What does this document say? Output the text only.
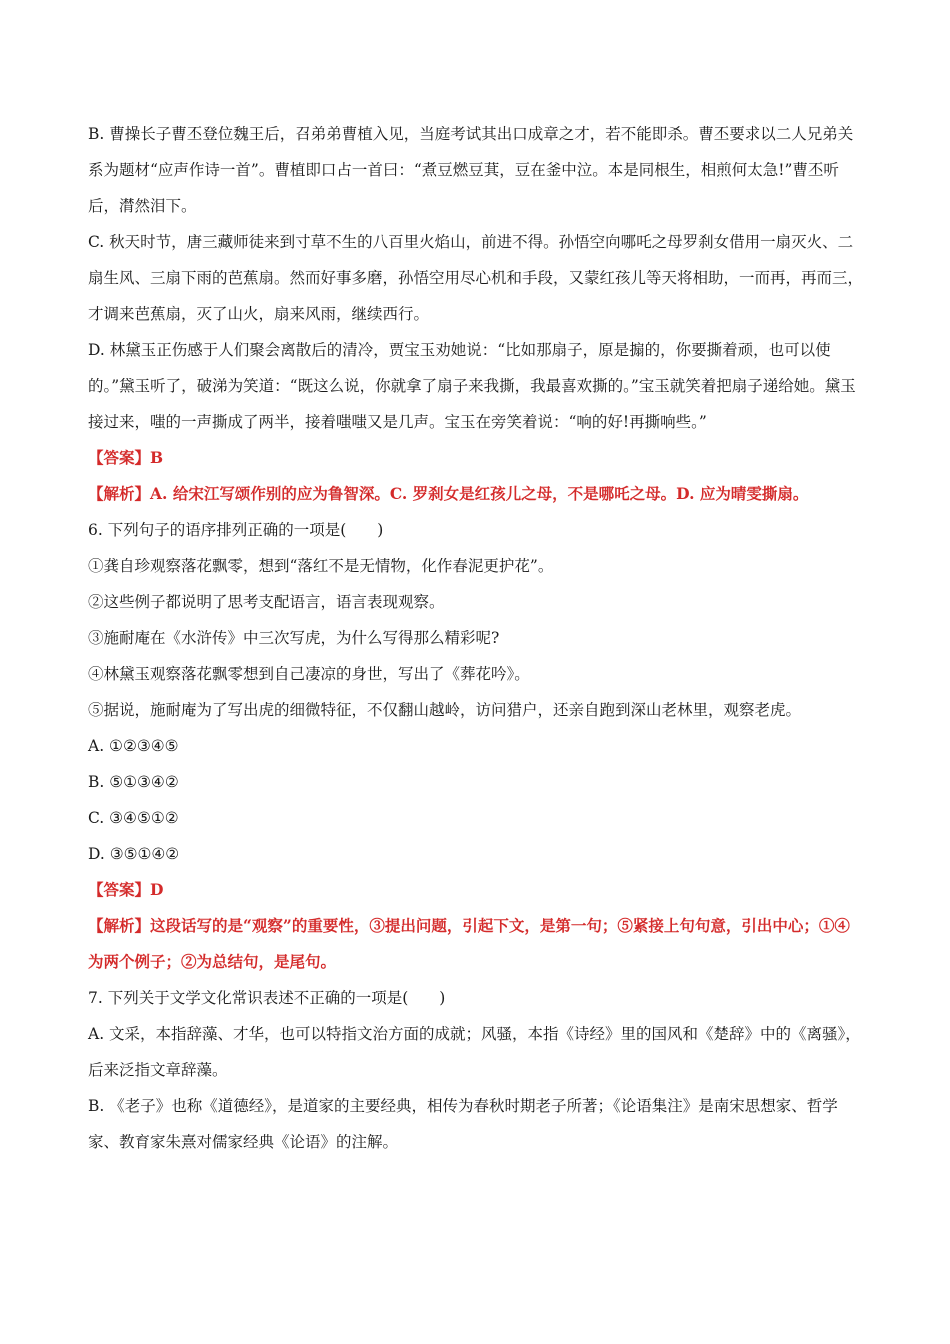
B. 曹操长子曹丕登位魏王后，召弟弟曹植入见，当庭考试其出口成章之才，若不能即杀。曹丕要求以二人兄弟关系为题材“应声作诗一首”。曹植即口占一首曰：“煮豆燃豆萁，豆在釜中泣。本是同根生，相煎何太急!”曹丕听后，潸然泪下。

C. 秋天时节，唐三藏师徒来到寸草不生的八百里火焰山，前进不得。孙悟空向哪吒之母罗刹女借用一扇灭火、二扇生风、三扇下雨的芭蕉扇。然而好事多磨，孙悟空用尽心机和手段，又蒙红孩儿等天将相助，一而再，再而三，才调来芭蕉扇，灭了山火，扇来风雨，继续西行。

D. 林黛玉正伤感于人们聚会离散后的清冷，贾宝玉劝她说：“比如那扇子，原是搧的，你要撕着顽，也可以使的。”黛玉听了，破涕为笑道：“既这么说，你就拿了扇子来我撕，我最喜欢撕的。”宝玉就笑着把扇子递给她。黛玉接过来，嗤的一声撕成了两半，接着嗤嗤又是几声。宝玉在旁笑着说：“响的好!再撕响些。”

【答案】B

【解析】A. 给宋江写颂作别的应为鲁智深。C. 罗刹女是红孩儿之母，不是哪吒之母。D. 应为晴雯撕扇。

6. 下列句子的语序排列正确的一项是(　　)

①龚自珍观察落花飘零，想到“落红不是无情物，化作春泥更护花”。

②这些例子都说明了思考支配语言，语言表现观察。

③施耐庵在《水浒传》中三次写虎，为什么写得那么精彩呢?

④林黛玉观察落花飘零想到自己凄凉的身世，写出了《葬花吟》。

⑤据说，施耐庵为了写出虎的细微特征，不仅翻山越岭，访问猎户，还亲自跑到深山老林里，观察老虎。

A. ①②③④⑤

B. ⑤①③④②

C. ③④⑤①②

D. ③⑤①④②

【答案】D

【解析】这段话写的是“观察”的重要性，③提出问题，引起下文，是第一句；⑤紧接上句句意，引出中心；①④为两个例子；②为总结句，是尾句。

7. 下列关于文学文化常识表述不正确的一项是(　　)

A. 文采，本指辞藻、才华，也可以特指文治方面的成就；风骚，本指《诗经》里的国风和《楚辞》中的《离骚》，后来泛指文章辞藻。

B. 《老子》也称《道德经》，是道家的主要经典，相传为春秋时期老子所著；《论语集注》是南宋思想家、哲学家、教育家朱熹对儒家经典《论语》的注解。
